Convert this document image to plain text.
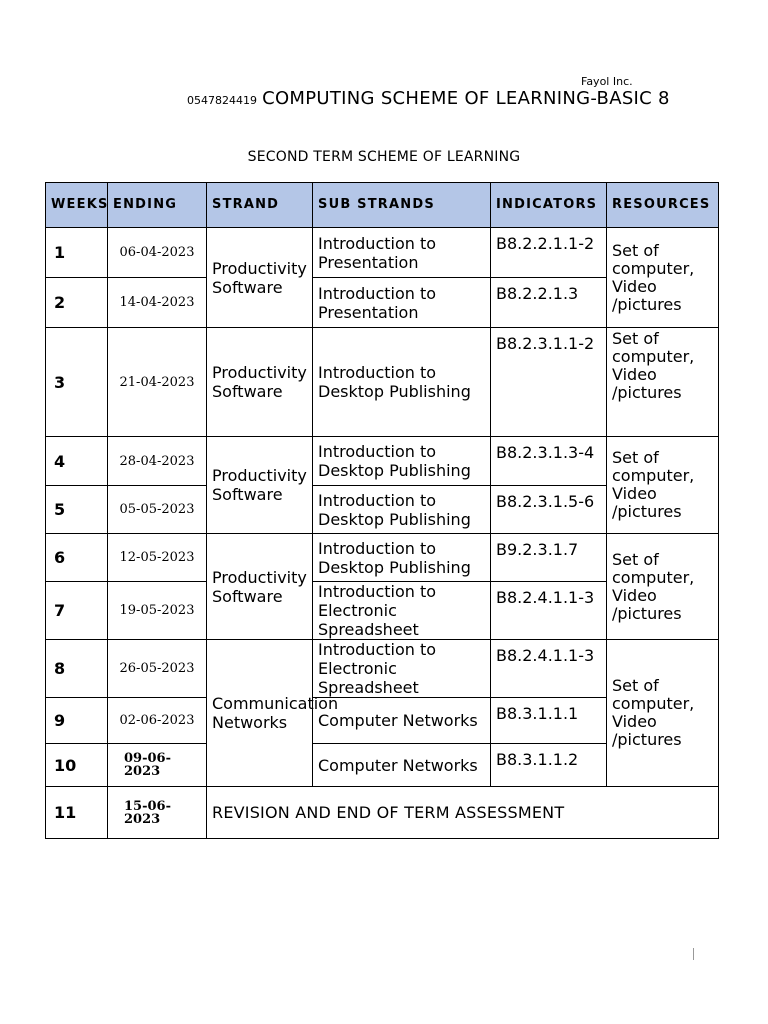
Fayol Inc.
0547824419 COMPUTING SCHEME OF LEARNING-BASIC 8
SECOND TERM SCHEME OF LEARNING
WEEKS	ENDING	STRAND	SUB STRANDS	INDICATORS	RESOURCES
1	06-04-2023	Productivity Software	Introduction to Presentation	B8.2.2.1.1-2	Set of computer, Video /pictures
2	14-04-2023		Introduction to Presentation	B8.2.2.1.3	
3	21-04-2023	Productivity Software	Introduction to Desktop Publishing	B8.2.3.1.1-2	Set of computer, Video /pictures
4	28-04-2023	Productivity Software	Introduction to Desktop Publishing	B8.2.3.1.3-4	Set of computer, Video /pictures
5	05-05-2023		Introduction to Desktop Publishing	B8.2.3.1.5-6	
6	12-05-2023	Productivity Software	Introduction to Desktop Publishing	B9.2.3.1.7	Set of computer, Video /pictures
7	19-05-2023		Introduction to Electronic Spreadsheet	B8.2.4.1.1-3	
8	26-05-2023	Communication Networks	Introduction to Electronic Spreadsheet	B8.2.4.1.1-3	Set of computer, Video /pictures
9	02-06-2023		Computer Networks	B8.3.1.1.1	
10	09-06-2023		Computer Networks	B8.3.1.1.2	
11	15-06-2023	REVISION AND END OF TERM ASSESSMENT			
